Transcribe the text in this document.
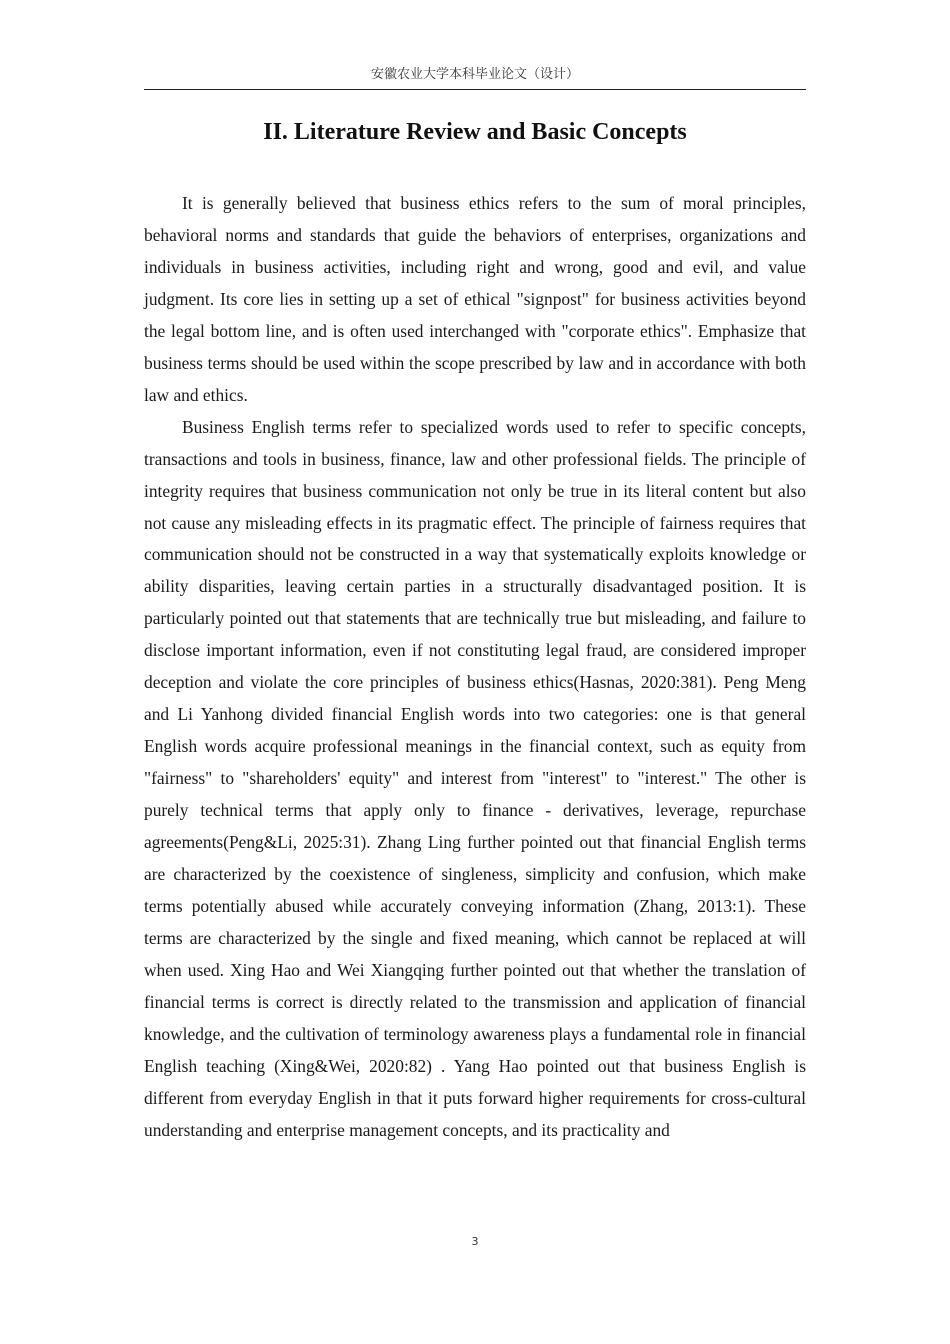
安徽农业大学本科毕业论文（设计）
II. Literature Review and Basic Concepts

It is generally believed that business ethics refers to the sum of moral principles, behavioral norms and standards that guide the behaviors of enterprises, organizations and individuals in business activities, including right and wrong, good and evil, and value judgment. Its core lies in setting up a set of ethical "signpost" for business activities beyond the legal bottom line, and is often used interchanged with "corporate ethics". Emphasize that business terms should be used within the scope prescribed by law and in accordance with both law and ethics.

Business English terms refer to specialized words used to refer to specific concepts, transactions and tools in business, finance, law and other professional fields. The principle of integrity requires that business communication not only be true in its literal content but also not cause any misleading effects in its pragmatic effect. The principle of fairness requires that communication should not be constructed in a way that systematically exploits knowledge or ability disparities, leaving certain parties in a structurally disadvantaged position. It is particularly pointed out that statements that are technically true but misleading, and failure to disclose important information, even if not constituting legal fraud, are considered improper deception and violate the core principles of business ethics(Hasnas, 2020:381). Peng Meng and Li Yanhong divided financial English words into two categories: one is that general English words acquire professional meanings in the financial context, such as equity from "fairness" to "shareholders' equity" and interest from "interest" to "interest." The other is purely technical terms that apply only to finance - derivatives, leverage, repurchase agreements(Peng&Li, 2025:31). Zhang Ling further pointed out that financial English terms are characterized by the coexistence of singleness, simplicity and confusion, which make terms potentially abused while accurately conveying information (Zhang, 2013:1). These terms are characterized by the single and fixed meaning, which cannot be replaced at will when used. Xing Hao and Wei Xiangqing further pointed out that whether the translation of financial terms is correct is directly related to the transmission and application of financial knowledge, and the cultivation of terminology awareness plays a fundamental role in financial English teaching (Xing&Wei, 2020:82) . Yang Hao pointed out that business English is different from everyday English in that it puts forward higher requirements for cross-cultural understanding and enterprise management concepts, and its practicality and

3
